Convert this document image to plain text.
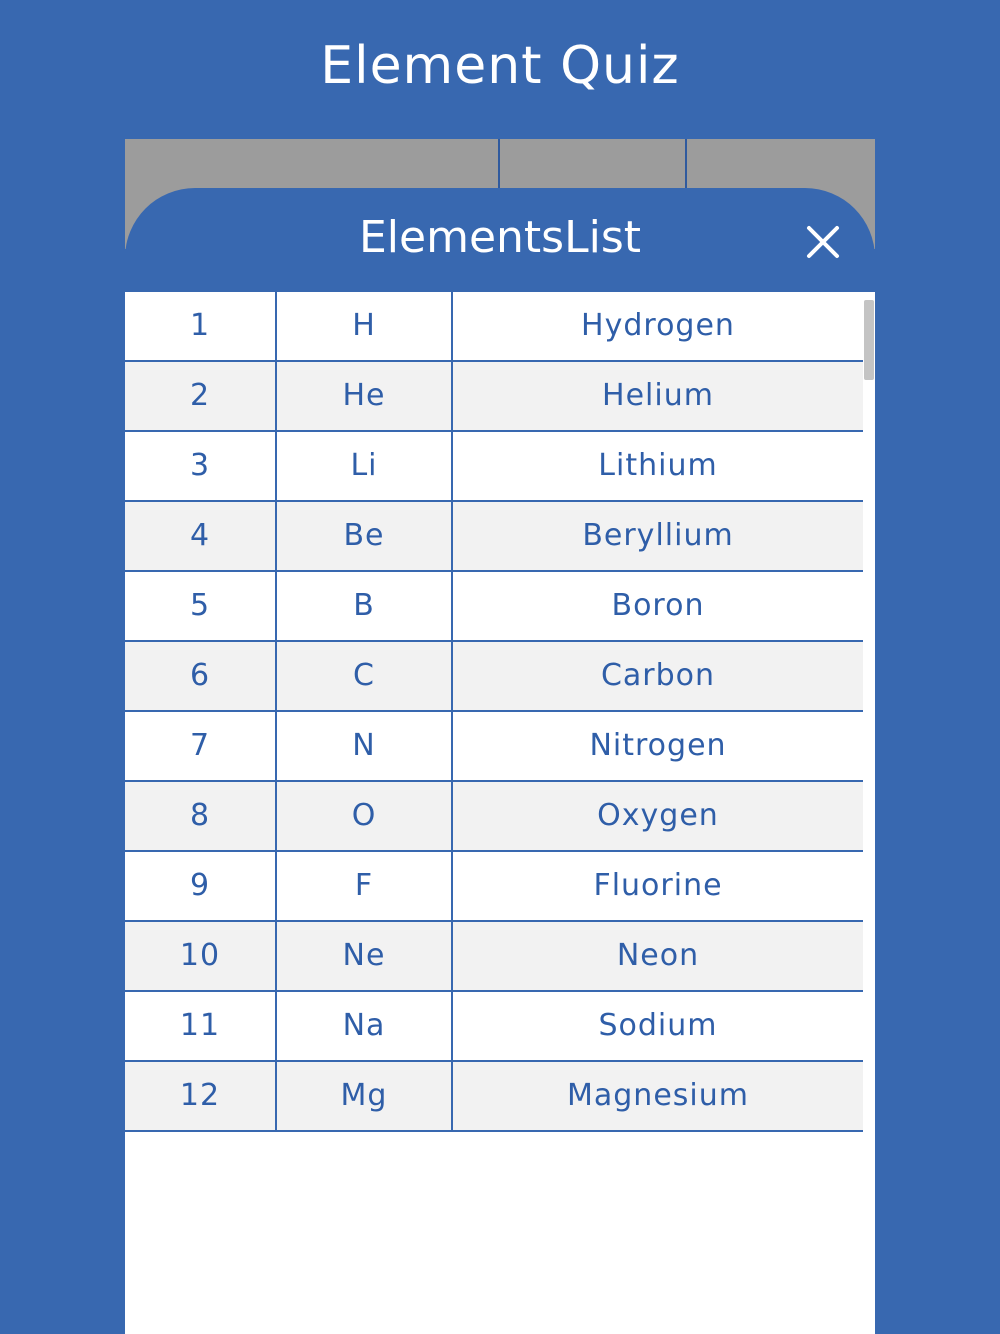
Element Quiz
ElementsList
1	H	Hydrogen
2	He	Helium
3	Li	Lithium
4	Be	Beryllium
5	B	Boron
6	C	Carbon
7	N	Nitrogen
8	O	Oxygen
9	F	Fluorine
10	Ne	Neon
11	Na	Sodium
12	Mg	Magnesium
